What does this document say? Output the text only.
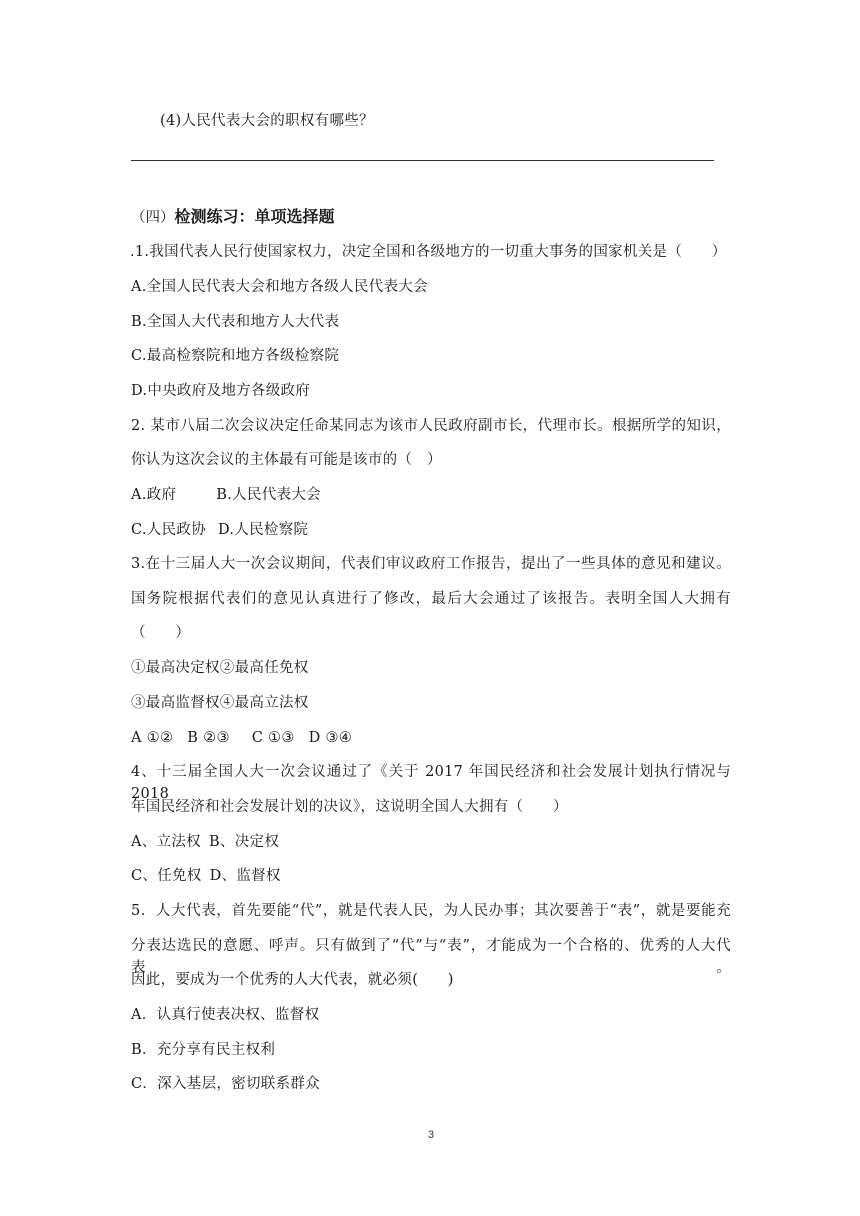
(4)人民代表大会的职权有哪些？
（四）检测练习：单项选择题
.1.我国代表人民行使国家权力，决定全国和各级地方的一切重大事务的国家机关是（　　）
A.全国人民代表大会和地方各级人民代表大会
B.全国人大代表和地方人大代表
C.最高检察院和地方各级检察院
D.中央政府及地方各级政府
2. 某市八届二次会议决定任命某同志为该市人民政府副市长，代理市长。根据所学的知识，
你认为这次会议的主体最有可能是该市的（　）
A.政府	B.人民代表大会
C.人民政协 D.人民检察院
3.在十三届人大一次会议期间，代表们审议政府工作报告，提出了一些具体的意见和建议。
国务院根据代表们的意见认真进行了修改，最后大会通过了该报告。表明全国人大拥有
（　　）
①最高决定权②最高任免权
③最高监督权④最高立法权
A ①② B ②③ C ①③ D ③④
4、十三届全国人大一次会议通过了《关于 2017 年国民经济和社会发展计划执行情况与 2018
年国民经济和社会发展计划的决议》，这说明全国人大拥有（　　）
A、立法权 B、决定权
C、任免权 D、监督权
5．人大代表，首先要能“代”，就是代表人民，为人民办事；其次要善于“表”，就是要能充
分表达选民的意愿、呼声。只有做到了“代”与“表”，才能成为一个合格的、优秀的人大代表。
因此，要成为一个优秀的人大代表，就必须(　　)
A．认真行使表决权、监督权
B．充分享有民主权利
C．深入基层，密切联系群众
3
